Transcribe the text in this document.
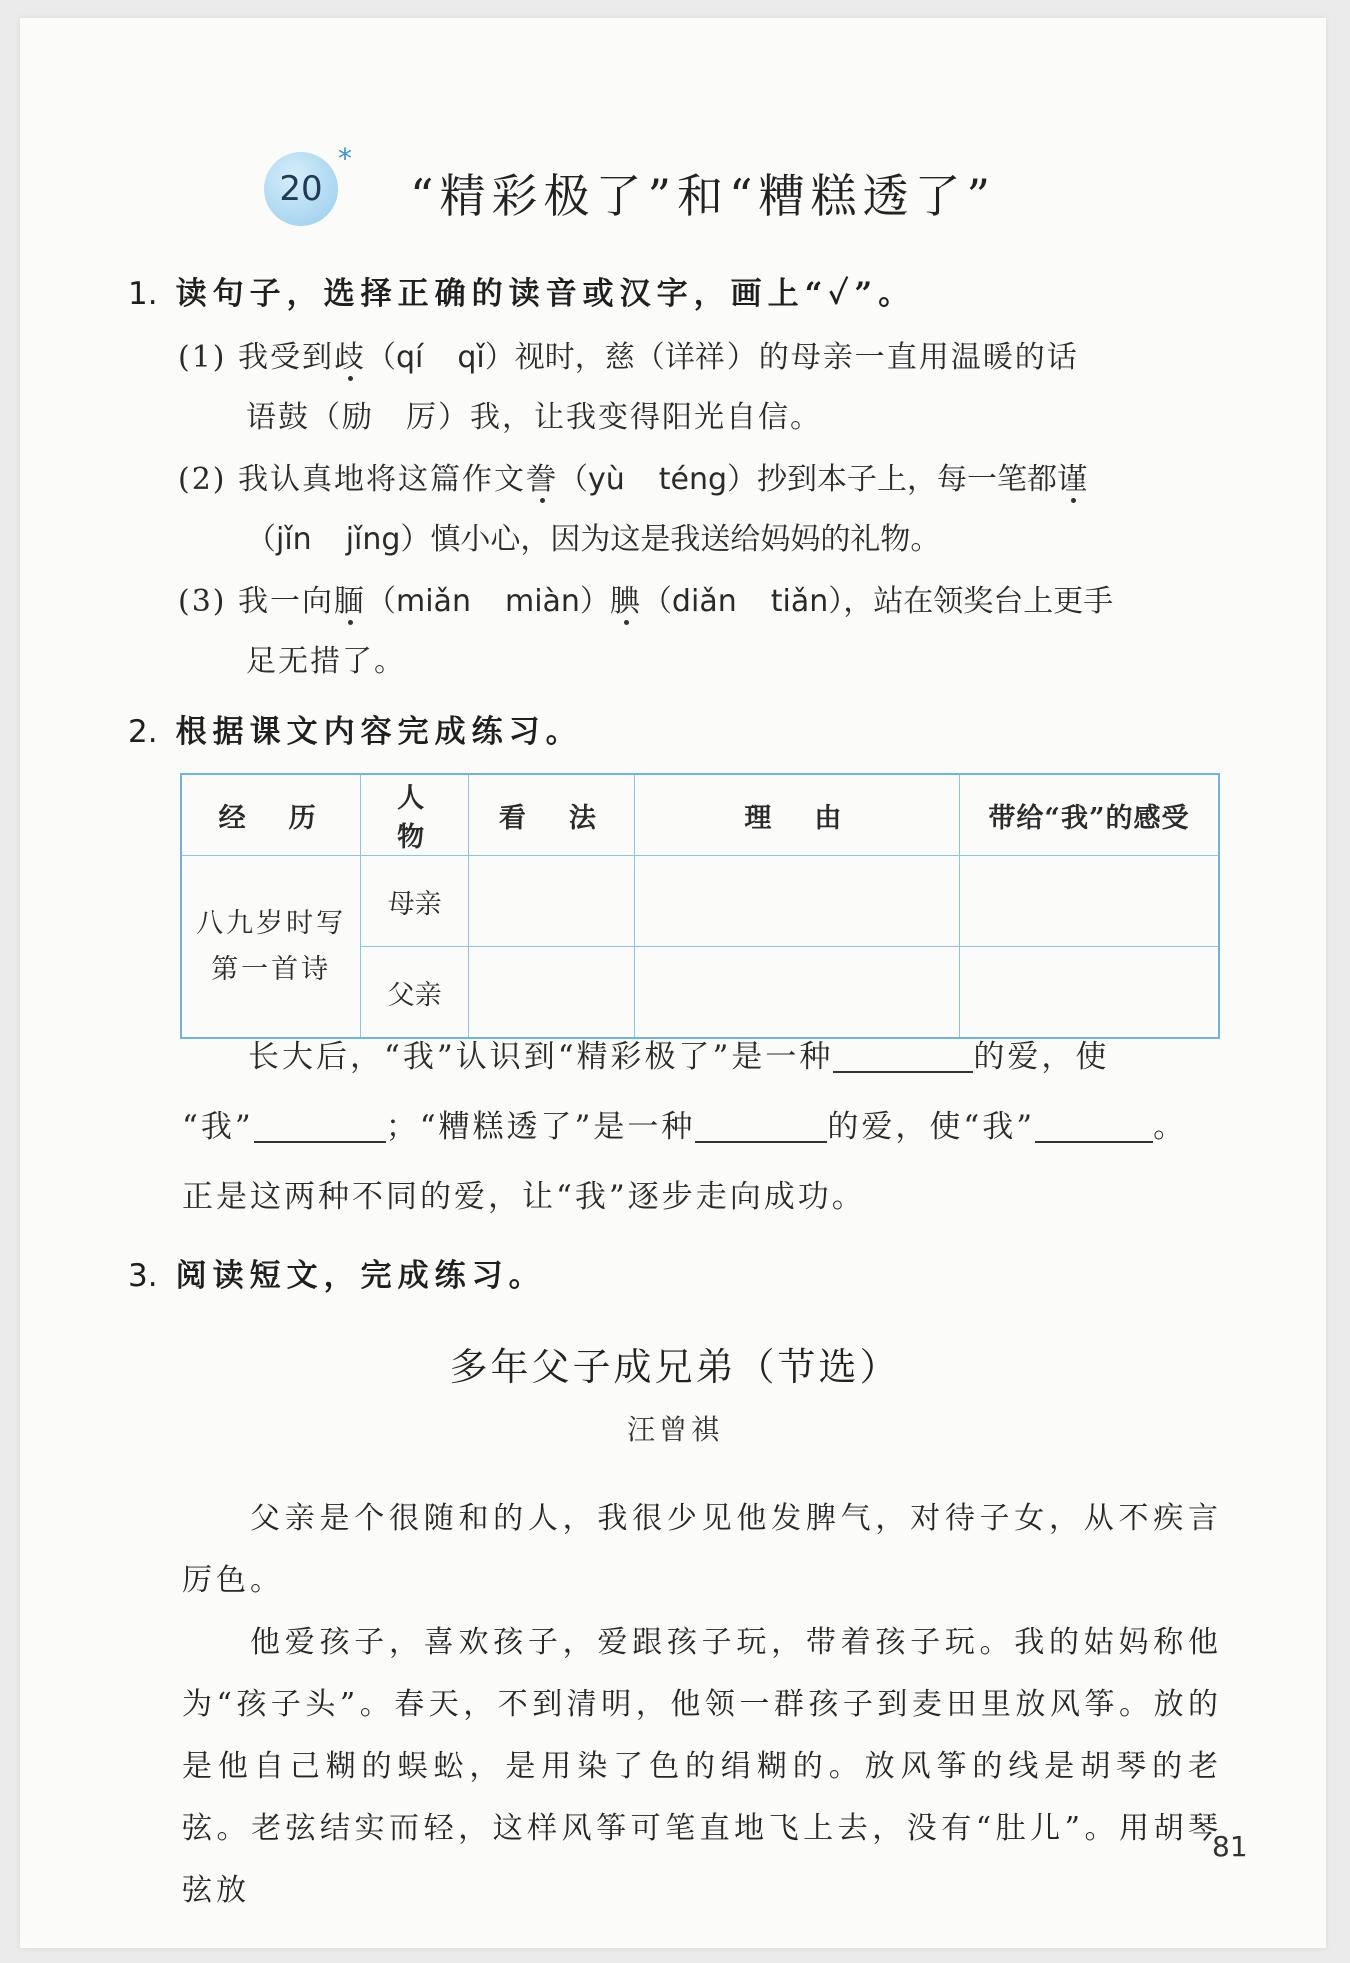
20
*
“精彩极了”和“糟糕透了”
1. 读句子，选择正确的读音或汉字，画上“✓”。
(1) 我受到歧（qí qǐ）视时，慈（详祥）的母亲一直用温暖的话
语鼓（励　厉）我，让我变得阳光自信。
(2) 我认真地将这篇作文誊（yù téng）抄到本子上，每一笔都谨
（jǐn jǐng）慎小心，因为这是我送给妈妈的礼物。
(3) 我一向腼（miǎn miàn）腆（diǎn tiǎn），站在领奖台上更手
足无措了。
2. 根据课文内容完成练习。
经　历	人　物	看　法	理　由	带给“我”的感受

八九岁时写
第一首诗	母亲			
	父亲			
长大后，“我”认识到“精彩极了”是一种	的爱，使
“我”	；“糟糕透了”是一种	的爱，使“我”	。
正是这两种不同的爱，让“我”逐步走向成功。
3. 阅读短文，完成练习。
多年父子成兄弟（节选）
汪曾祺
父亲是个很随和的人，我很少见他发脾气，对待子女，从不疾言厉色。
他爱孩子，喜欢孩子，爱跟孩子玩，带着孩子玩。我的姑妈称他为“孩子头”。春天，不到清明，他领一群孩子到麦田里放风筝。放的是他自己糊的蜈蚣，是用染了色的绢糊的。放风筝的线是胡琴的老弦。老弦结实而轻，这样风筝可笔直地飞上去，没有“肚儿”。用胡琴弦放
81
